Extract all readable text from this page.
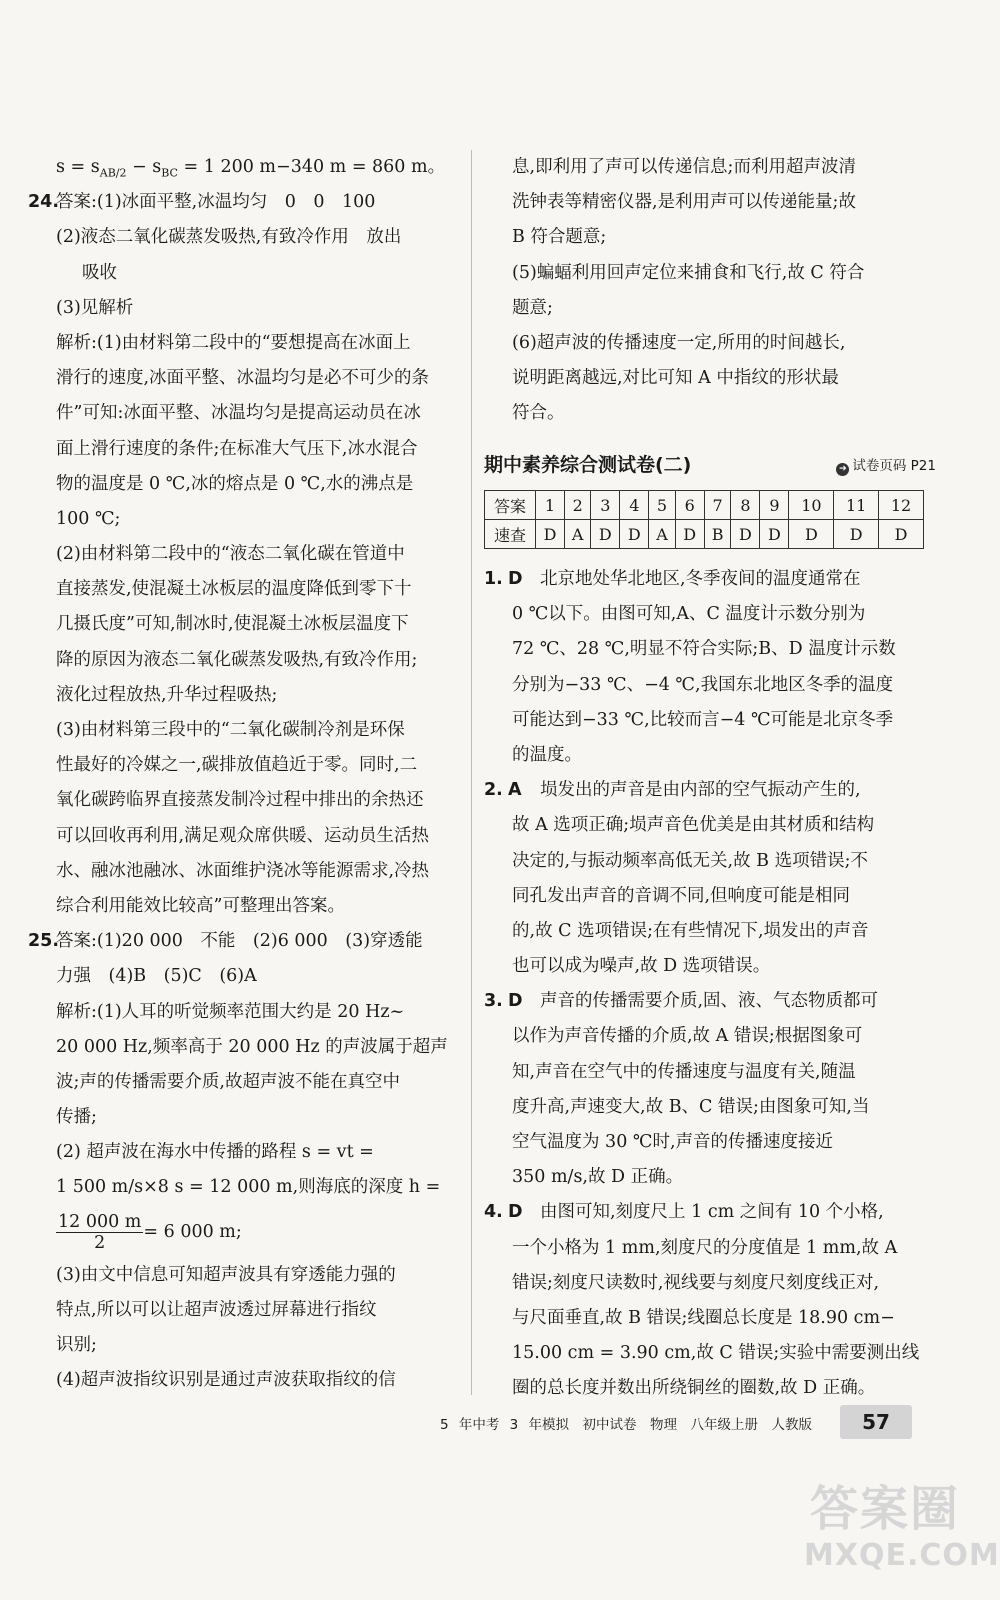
$s = s_{AB/2} - s_{BC} = 1$ 200 m−340 m = 860 m。
24.答案:(1)冰面平整,冰温均匀　0　0　100
(2)液态二氧化碳蒸发吸热,有致冷作用　放出
吸收
(3)见解析
解析:(1)由材料第二段中的“要想提高在冰面上
滑行的速度,冰面平整、冰温均匀是必不可少的条
件”可知:冰面平整、冰温均匀是提高运动员在冰
面上滑行速度的条件;在标准大气压下,冰水混合
物的温度是 0 ℃,冰的熔点是 0 ℃,水的沸点是
100 ℃;
(2)由材料第二段中的“液态二氧化碳在管道中
直接蒸发,使混凝土冰板层的温度降低到零下十
几摄氏度”可知,制冰时,使混凝土冰板层温度下
降的原因为液态二氧化碳蒸发吸热,有致冷作用;
液化过程放热,升华过程吸热;
(3)由材料第三段中的“二氧化碳制冷剂是环保
性最好的冷媒之一,碳排放值趋近于零。同时,二
氧化碳跨临界直接蒸发制冷过程中排出的余热还
可以回收再利用,满足观众席供暖、运动员生活热
水、融冰池融冰、冰面维护浇冰等能源需求,冷热
综合利用能效比较高”可整理出答案。
25.答案:(1)20 000　不能　(2)6 000　(3)穿透能
力强　(4)B　(5)C　(6)A
解析:(1)人耳的听觉频率范围大约是 20 Hz~
20 000 Hz,频率高于 20 000 Hz 的声波属于超声
波;声的传播需要介质,故超声波不能在真空中
传播;
(2) 超声波在海水中传播的路程 s = vt =
1 500 m/s×8 s = 12 000 m,则海底的深度 h =
$\frac{12 000 m}{2} = 6$ 000 m;
(3)由文中信息可知超声波具有穿透能力强的
特点,所以可以让超声波透过屏幕进行指纹
识别;
(4)超声波指纹识别是通过声波获取指纹的信
息,即利用了声可以传递信息;而利用超声波清
洗钟表等精密仪器,是利用声可以传递能量;故
B 符合题意;
(5)蝙蝠利用回声定位来捕食和飞行,故 C 符合
题意;
(6)超声波的传播速度一定,所用的时间越长,
说明距离越远,对比可知 A 中指纹的形状最
符合。
期中素养综合测试卷(二)	➔ 试卷页码 P21
答案	1	2	3	4	5	6	7	8	9	10	11	12
速查	D	A	D	D	A	D	B	D	D	D	D	D
1. D 北京地处华北地区,冬季夜间的温度通常在
0 ℃以下。由图可知,A、C 温度计示数分别为
72 ℃、28 ℃,明显不符合实际;B、D 温度计示数
分别为−33 ℃、−4 ℃,我国东北地区冬季的温度
可能达到−33 ℃,比较而言−4 ℃可能是北京冬季
的温度。
2. A 埙发出的声音是由内部的空气振动产生的,
故 A 选项正确;埙声音色优美是由其材质和结构
决定的,与振动频率高低无关,故 B 选项错误;不
同孔发出声音的音调不同,但响度可能是相同
的,故 C 选项错误;在有些情况下,埙发出的声音
也可以成为噪声,故 D 选项错误。
3. D 声音的传播需要介质,固、液、气态物质都可
以作为声音传播的介质,故 A 错误;根据图象可
知,声音在空气中的传播速度与温度有关,随温
度升高,声速变大,故 B、C 错误;由图象可知,当
空气温度为 30 ℃时,声音的传播速度接近
350 m/s,故 D 正确。
4. D 由图可知,刻度尺上 1 cm 之间有 10 个小格,
一个小格为 1 mm,刻度尺的分度值是 1 mm,故 A
错误;刻度尺读数时,视线要与刻度尺刻度线正对,
与尺面垂直,故 B 错误;线圈总长度是 18.90 cm−
15.00 cm = 3.90 cm,故 C 错误;实验中需要测出线
圈的总长度并数出所绕铜丝的圈数,故 D 正确。
5 年中考 3 年模拟　初中试卷　物理　八年级上册　人教版	57
答案圈
MXQE.COM
